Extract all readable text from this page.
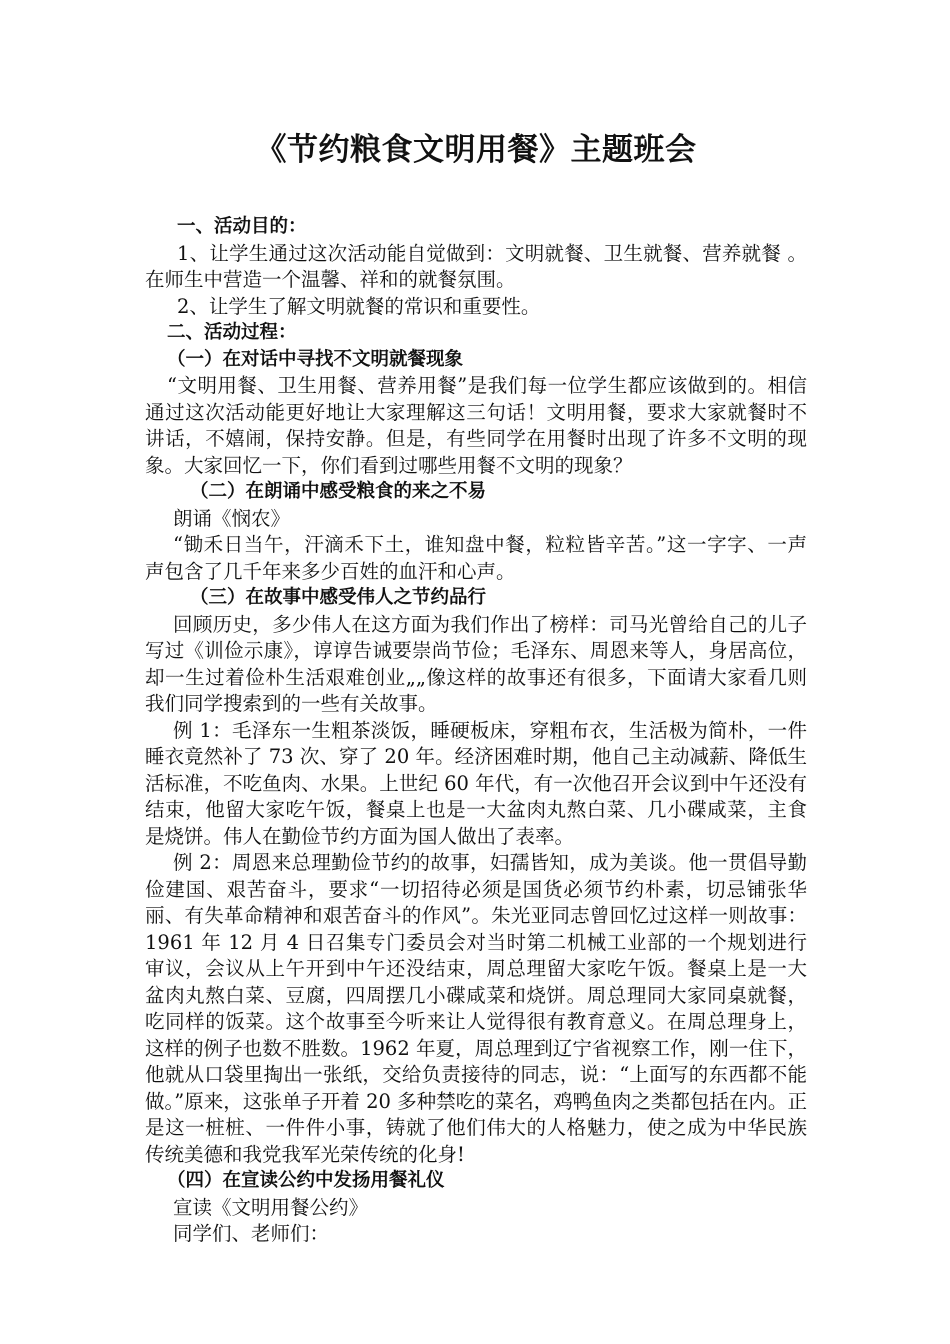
《节约粮食文明用餐》主题班会
一、活动目的：
1、让学生通过这次活动能自觉做到：文明就餐、卫生就餐、营养就餐 。在师生中营造一个温馨、祥和的就餐氛围。
2、让学生了解文明就餐的常识和重要性。
二、活动过程：
（一）在对话中寻找不文明就餐现象
“文明用餐、卫生用餐、营养用餐”是我们每一位学生都应该做到的。相信通过这次活动能更好地让大家理解这三句话！文明用餐，要求大家就餐时不讲话，不嬉闹，保持安静。但是，有些同学在用餐时出现了许多不文明的现象。大家回忆一下，你们看到过哪些用餐不文明的现象？
（二）在朗诵中感受粮食的来之不易
朗诵《悯农》
“锄禾日当午，汗滴禾下土，谁知盘中餐，粒粒皆辛苦。”这一字字、一声声包含了几千年来多少百姓的血汗和心声。
（三）在故事中感受伟人之节约品行
回顾历史，多少伟人在这方面为我们作出了榜样：司马光曾给自己的儿子写过《训俭示康》，谆谆告诫要崇尚节俭；毛泽东、周恩来等人，身居高位，却一生过着俭朴生活艰难创业„„像这样的故事还有很多，下面请大家看几则我们同学搜索到的一些有关故事。
例 1：毛泽东一生粗茶淡饭，睡硬板床，穿粗布衣，生活极为简朴，一件睡衣竟然补了 73 次、穿了 20 年。经济困难时期，他自己主动减薪、降低生活标准，不吃鱼肉、水果。上世纪 60 年代，有一次他召开会议到中午还没有结束，他留大家吃午饭，餐桌上也是一大盆肉丸熬白菜、几小碟咸菜，主食是烧饼。伟人在勤俭节约方面为国人做出了表率。
例 2：周恩来总理勤俭节约的故事，妇孺皆知，成为美谈。他一贯倡导勤俭建国、艰苦奋斗，要求“一切招待必须是国货必须节约朴素，切忌铺张华丽、有失革命精神和艰苦奋斗的作风”。朱光亚同志曾回忆过这样一则故事：1961 年 12 月 4 日召集专门委员会对当时第二机械工业部的一个规划进行审议，会议从上午开到中午还没结束，周总理留大家吃午饭。餐桌上是一大盆肉丸熬白菜、豆腐，四周摆几小碟咸菜和烧饼。周总理同大家同桌就餐，吃同样的饭菜。这个故事至今听来让人觉得很有教育意义。在周总理身上，这样的例子也数不胜数。1962 年夏，周总理到辽宁省视察工作，刚一住下，他就从口袋里掏出一张纸，交给负责接待的同志，说：“上面写的东西都不能做。”原来，这张单子开着 20 多种禁吃的菜名，鸡鸭鱼肉之类都包括在内。正是这一桩桩、一件件小事，铸就了他们伟大的人格魅力，使之成为中华民族传统美德和我党我军光荣传统的化身!
（四）在宣读公约中发扬用餐礼仪
宣读《文明用餐公约》
同学们、老师们：
